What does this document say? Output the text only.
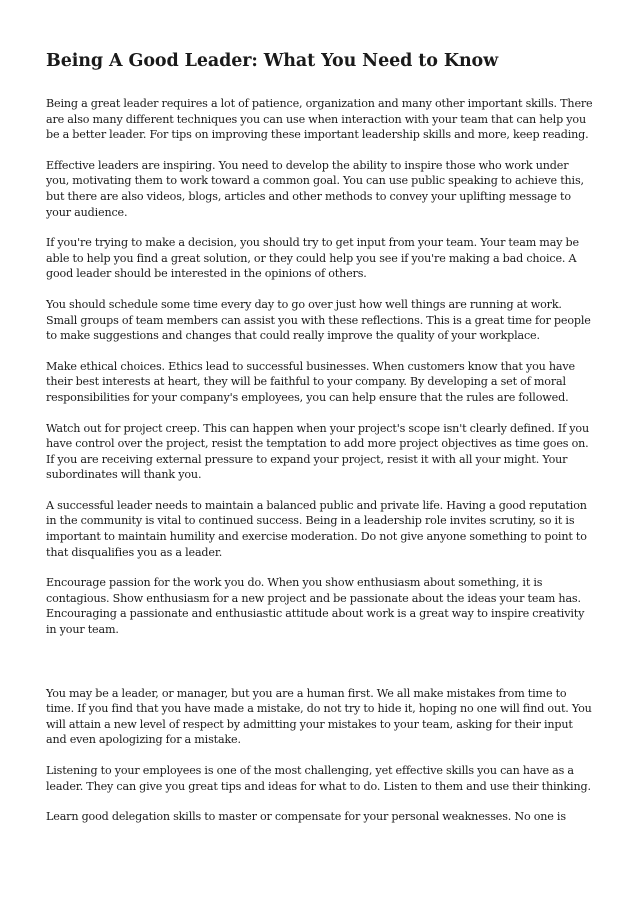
Being A Good Leader: What You Need to Know

Being a great leader requires a lot of patience, organization and many other important skills. There are also many different techniques you can use when interaction with your team that can help you be a better leader. For tips on improving these important leadership skills and more, keep reading.

Effective leaders are inspiring. You need to develop the ability to inspire those who work under you, motivating them to work toward a common goal. You can use public speaking to achieve this, but there are also videos, blogs, articles and other methods to convey your uplifting message to your audience.

If you're trying to make a decision, you should try to get input from your team. Your team may be able to help you find a great solution, or they could help you see if you're making a bad choice. A good leader should be interested in the opinions of others.

You should schedule some time every day to go over just how well things are running at work. Small groups of team members can assist you with these reflections. This is a great time for people to make suggestions and changes that could really improve the quality of your workplace.

Make ethical choices. Ethics lead to successful businesses. When customers know that you have their best interests at heart, they will be faithful to your company. By developing a set of moral responsibilities for your company's employees, you can help ensure that the rules are followed.

Watch out for project creep. This can happen when your project's scope isn't clearly defined. If you have control over the project, resist the temptation to add more project objectives as time goes on. If you are receiving external pressure to expand your project, resist it with all your might. Your subordinates will thank you.

A successful leader needs to maintain a balanced public and private life. Having a good reputation in the community is vital to continued success. Being in a leadership role invites scrutiny, so it is important to maintain humility and exercise moderation. Do not give anyone something to point to that disqualifies you as a leader.

Encourage passion for the work you do. When you show enthusiasm about something, it is contagious. Show enthusiasm for a new project and be passionate about the ideas your team has. Encouraging a passionate and enthusiastic attitude about work is a great way to inspire creativity in your team.

You may be a leader, or manager, but you are a human first. We all make mistakes from time to time. If you find that you have made a mistake, do not try to hide it, hoping no one will find out. You will attain a new level of respect by admitting your mistakes to your team, asking for their input and even apologizing for a mistake.

Listening to your employees is one of the most challenging, yet effective skills you can have as a leader. They can give you great tips and ideas for what to do. Listen to them and use their thinking.

Learn good delegation skills to master or compensate for your personal weaknesses. No one is
